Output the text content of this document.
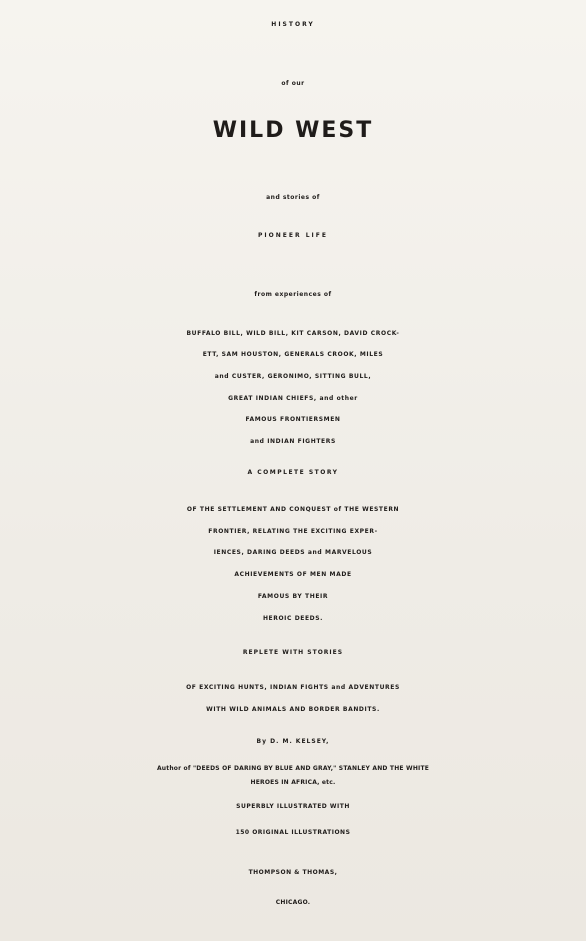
HISTORY
of our
WILD WEST
and stories of
PIONEER LIFE
from experiences of
BUFFALO BILL, WILD BILL, KIT CARSON, DAVID CROCK-
ETT, SAM HOUSTON, GENERALS CROOK, MILES
and CUSTER, GERONIMO, SITTING BULL,
GREAT INDIAN CHIEFS, and other
FAMOUS FRONTIERSMEN
and INDIAN FIGHTERS
A COMPLETE STORY
OF THE SETTLEMENT AND CONQUEST of THE WESTERN
FRONTIER, RELATING THE EXCITING EXPER-
IENCES, DARING DEEDS and MARVELOUS
ACHIEVEMENTS OF MEN MADE
FAMOUS BY THEIR
HEROIC DEEDS.
REPLETE WITH STORIES
OF EXCITING HUNTS, INDIAN FIGHTS and ADVENTURES
WITH WILD ANIMALS AND BORDER BANDITS.
By D. M. KELSEY,
Author of "DEEDS OF DARING BY BLUE AND GRAY," STANLEY AND THE WHITE
HEROES IN AFRICA, etc.
SUPERBLY ILLUSTRATED WITH
150 ORIGINAL ILLUSTRATIONS
THOMPSON & THOMAS,
CHICAGO.
